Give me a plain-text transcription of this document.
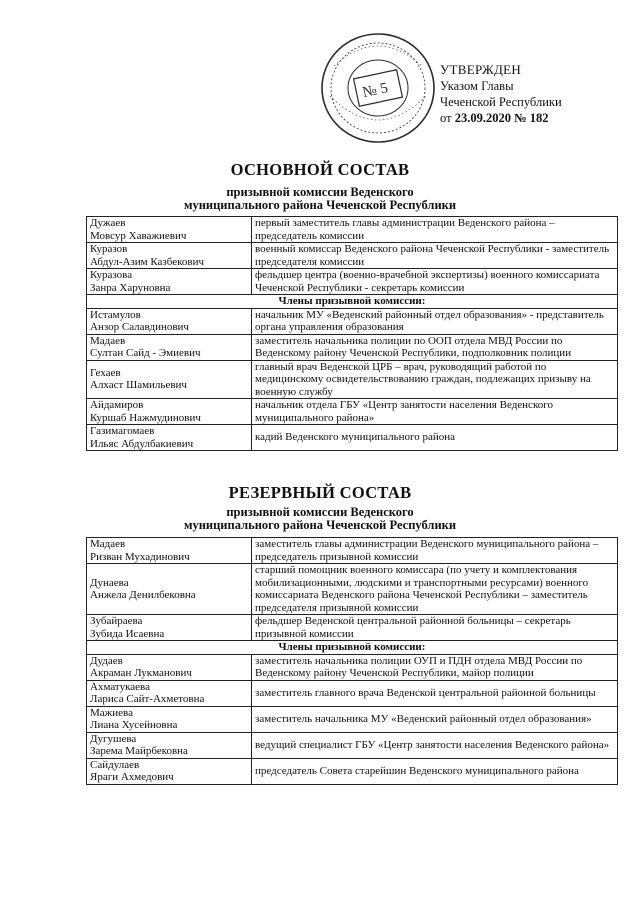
№ 5
УТВЕРЖДЕН
Указом Главы
Чеченской Республики
от 23.09.2020 № 182
ОСНОВНОЙ СОСТАВ
призывной комиссии Веденского
муниципального района Чеченской Республики
Дужаев
Мовсур Хаважиевич	первый заместитель главы администрации Веденского района – председатель комиссии

Куразов
Абдул-Азим Казбекович	военный комиссар Веденского района Чеченской Республики - заместитель председателя комиссии

Куразова
Занра Харуновна	фельдшер центра (военно-врачебной экспертизы) военного комиссариата Чеченской Республики - секретарь комиссии
Члены призывной комиссии:	

Истамулов
Анзор Салавдинович	начальник МУ «Веденский районный отдел образования» - представитель органа управления образования

Мадаев
Султан Сайд - Эмиевич	заместитель начальника полиции по ООП отдела МВД России по Веденскому району Чеченской Республики, подполковник полиции

Гехаев
Алхаст Шамильевич	главный врач Веденской ЦРБ – врач, руководящий работой по медицинскому освидетельствованию граждан, подлежащих призыву на военную службу

Айдамиров
Куршаб Нажмудинович	начальник отдела ГБУ «Центр занятости населения Веденского муниципального района»

Газимагомаев
Ильяс Абдулбакиевич	кадий Веденского муниципального района
РЕЗЕРВНЫЙ СОСТАВ
призывной комиссии Веденского
муниципального района Чеченской Республики
Мадаев
Ризван Мухадинович	заместитель главы администрации Веденского муниципального района – председатель призывной комиссии

Дунаева
Анжела Денилбековна	старший помощник военного комиссара (по учету и комплектования мобилизационными, людскими и транспортными ресурсами) военного комиссариата Веденского района Чеченской Республики – заместитель председателя призывной комиссии

Зубайраева
Зубида Исаевна	фельдшер Веденской центральной районной больницы – секретарь призывной комиссии
Члены призывной комиссии:	

Дудаев
Акраман Лукманович	заместитель начальника полиции ОУП и ПДН отдела МВД России по Веденскому району Чеченской Республики, майор полиции

Ахматукаева
Лариса Сайт-Ахметовна	заместитель главного врача Веденской центральной районной больницы

Мажиева
Лиана Хусейновна	заместитель начальника МУ «Веденский районный отдел образования»

Дугушева
Зарема Майрбековна	ведущий специалист ГБУ «Центр занятости населения Веденского района»

Сайдулаев
Яраги Ахмедович	председатель Совета старейшин Веденского муниципального района
